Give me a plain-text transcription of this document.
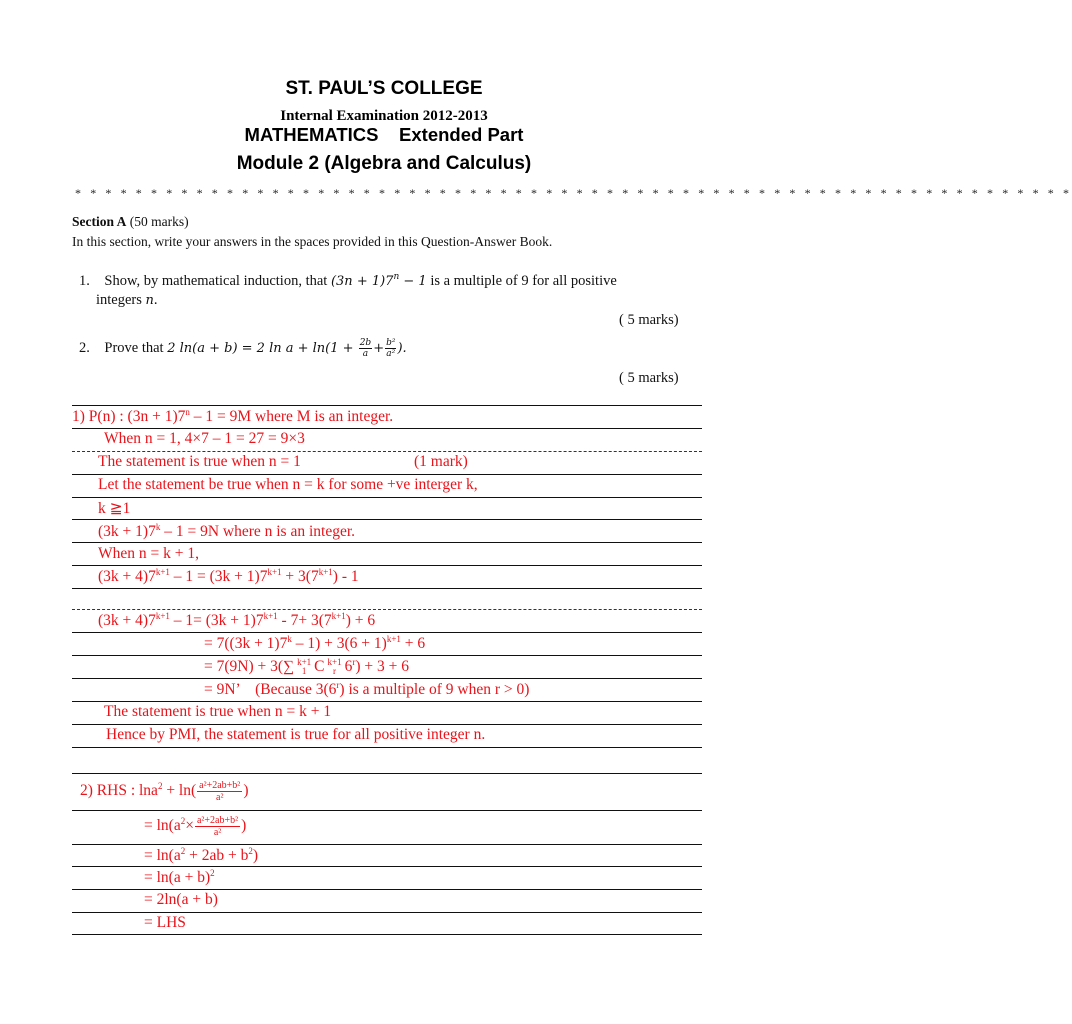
ST. PAUL’S COLLEGE
Internal Examination 2012-2013
MATHEMATICS    Extended Part
Module 2 (Algebra and Calculus)
* * * * * * * * * * * * * * * * * * * * * * * * * * * * * * * * * * * * * * * * * * * * * * * * * * * * * * * * * * * * * * * * * *
Section A (50 marks)
In this section, write your answers in the spaces provided in this Question-Answer Book.
1. Show, by mathematical induction, that $(3n + 1)7^n - 1$ is a multiple of 9 for all positive
integers n.
( 5 marks)
2. Prove that 2 ln(a + b) = 2 $\ln a + \ln(1 + \frac{2b}{a} + \frac{\text{b²}}{\text{a²}}$ ).
( 5 marks)
1) P(n) : $(3n + 1)7^n - 1 = 9M$ where M is an integer.
When n = 1, 4×7 – 1 = 27 = 9×3
The statement is true when n = 1	(1 mark)
Let the statement be true when n = k for some +ve interger k,
k ≧1
$(3k + 1)7^k - 1 = 9N$ where n is an integer.
When n = k + 1,
$(3k + 4)7^{k+1} - 1 = (3k + 1)7^{k+1} + 3(7^{k+1}) - 1$
$(3k + 4)7^{k+1} - 1= (3k + 1)7^{k+1} - 7+ 3(7^{k+1}) + 6$
= $7((3k + 1)7^k - 1) + 3(6 + 1)^{k+1} + 6$
= 7(9N) + 3(∑ k+1
1 C k+1
r $6^r) + 3 + 6$
= 9N’    (Because 3(6$^r$) is a multiple of 9 when r > 0)
The statement is true when n = k + 1
Hence by PMI, the statement is true for all positive integer n.
2) RHS : $\ln a^2 + \ln( \frac{\text{a²+2ab+b²}}{\text{a²}}$ )
= $\ln(a^2\times \frac{\text{a²+2ab+b²}}{\text{a²}}$ )
= $\ln(a^2 + 2ab + b^2)$
= $\ln(a + b)^2$
= 2ln(a + b)
= LHS
